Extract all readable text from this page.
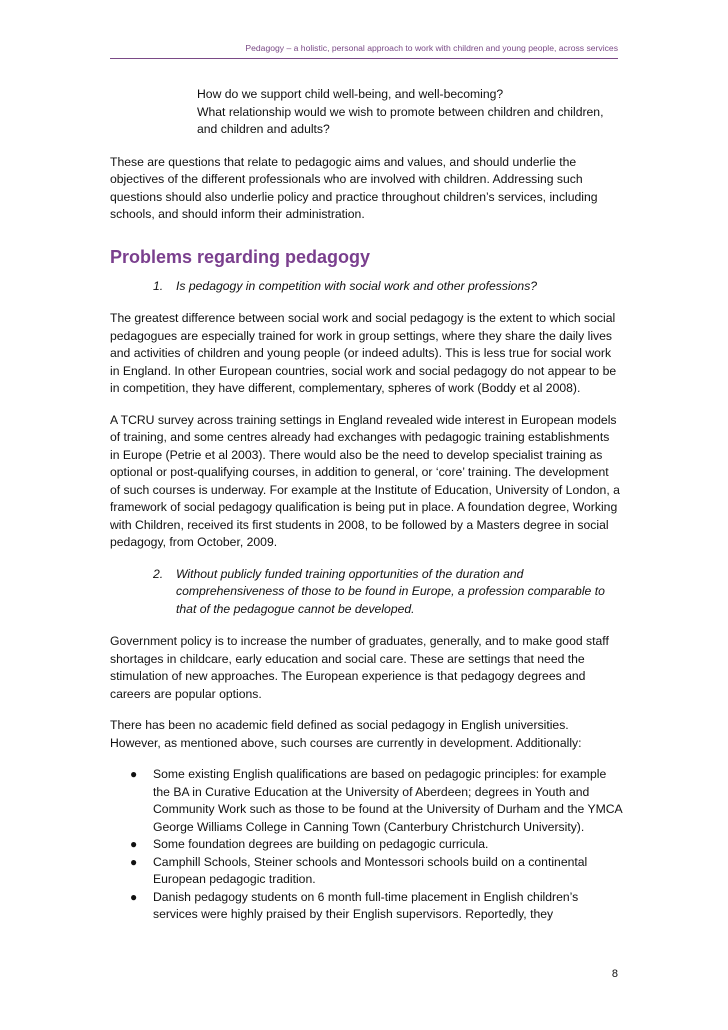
Pedagogy – a holistic, personal approach to work with children and young people, across services
How do we support child well-being, and well-becoming?
What relationship would we wish to promote between children and children, and children and adults?

These are questions that relate to pedagogic aims and values, and should underlie the objectives of the different professionals who are involved with children. Addressing such questions should also underlie policy and practice throughout children’s services, including schools, and should inform their administration.

Problems regarding pedagogy
1.	Is pedagogy in competition with social work and other professions?

The greatest difference between social work and social pedagogy is the extent to which social pedagogues are especially trained for work in group settings, where they share the daily lives and activities of children and young people (or indeed adults). This is less true for social work in England. In other European countries, social work and social pedagogy do not appear to be in competition, they have different, complementary, spheres of work (Boddy et al 2008).

A TCRU survey across training settings in England revealed wide interest in European models of training, and some centres already had exchanges with pedagogic training establishments in Europe (Petrie et al 2003). There would also be the need to develop specialist training as optional or post-qualifying courses, in addition to general, or ‘core’ training. The development of such courses is underway. For example at the Institute of Education, University of London, a framework of social pedagogy qualification is being put in place. A foundation degree, Working with Children, received its first students in 2008, to be followed by a Masters degree in social pedagogy, from October, 2009.

2.	Without publicly funded training opportunities of the duration and comprehensiveness of those to be found in Europe, a profession comparable to that of the pedagogue cannot be developed.

Government policy is to increase the number of graduates, generally, and to make good staff shortages in childcare, early education and social care. These are settings that need the stimulation of new approaches. The European experience is that pedagogy degrees and careers are popular options.

There has been no academic field defined as social pedagogy in English universities. However, as mentioned above, such courses are currently in development. Additionally:

●	Some existing English qualifications are based on pedagogic principles: for example the BA in Curative Education at the University of Aberdeen; degrees in Youth and Community Work such as those to be found at the University of Durham and the YMCA George Williams College in Canning Town (Canterbury Christchurch University).
●	Some foundation degrees are building on pedagogic curricula.
●	Camphill Schools, Steiner schools and Montessori schools build on a continental European pedagogic tradition.
●	Danish pedagogy students on 6 month full-time placement in English children’s services were highly praised by their English supervisors. Reportedly, they
8
